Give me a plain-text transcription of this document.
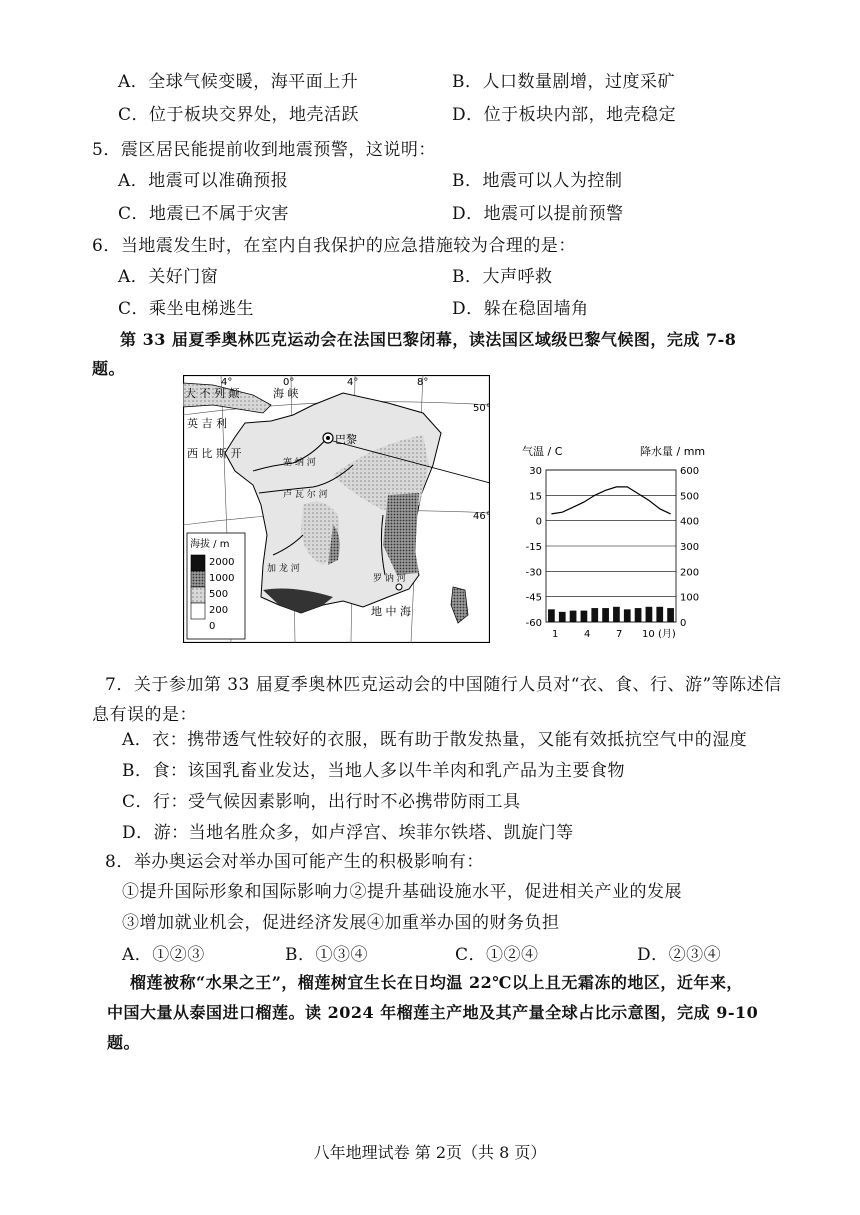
A．全球气候变暖，海平面上升	B．人口数量剧增，过度采矿
C．位于板块交界处，地壳活跃	D．位于板块内部，地壳稳定
5．震区居民能提前收到地震预警，这说明：
A．地震可以准确预报	B．地震可以人为控制
C．地震已不属于灾害	D．地震可以提前预警
6．当地震发生时，在室内自我保护的应急措施较为合理的是：
A．关好门窗	B．大声呼救
C．乘坐电梯逃生	D．躲在稳固墙角
第 33 届夏季奥林匹克运动会在法国巴黎闭幕，读法国区域级巴黎气候图，完成 7-8
题。
4°	0°	4°	8°
50°
46°
巴黎
大 不 列 颠	海 峡
英 吉 利
西 比 斯 开
塞 纳 河
卢 瓦 尔 河
加 龙 河
罗 讷 河
地 中 海
海拔 / m
2000
1000
500
200
0
气温 / C	降水量 / mm
30	600
15	500
0	400
-15	300
-30	200
-45	100
-60	0
1	4	7 10 (月)
7．关于参加第 33 届夏季奥林匹克运动会的中国随行人员对“衣、食、行、游”等陈述信
息有误的是：
A．衣：携带透气性较好的衣服，既有助于散发热量，又能有效抵抗空气中的湿度
B．食：该国乳畜业发达，当地人多以牛羊肉和乳产品为主要食物
C．行：受气候因素影响，出行时不必携带防雨工具
D．游：当地名胜众多，如卢浮宫、埃菲尔铁塔、凯旋门等
8．举办奥运会对举办国可能产生的积极影响有：
①提升国际形象和国际影响力②提升基础设施水平，促进相关产业的发展
③增加就业机会，促进经济发展④加重举办国的财务负担
A．①②③	B．①③④	C．①②④	D．②③④
榴莲被称“水果之王”，榴莲树宜生长在日均温 22℃以上且无霜冻的地区，近年来，
中国大量从泰国进口榴莲。读 2024 年榴莲主产地及其产量全球占比示意图，完成 9-10
题。
八年地理试卷 第 2页（共 8 页）
